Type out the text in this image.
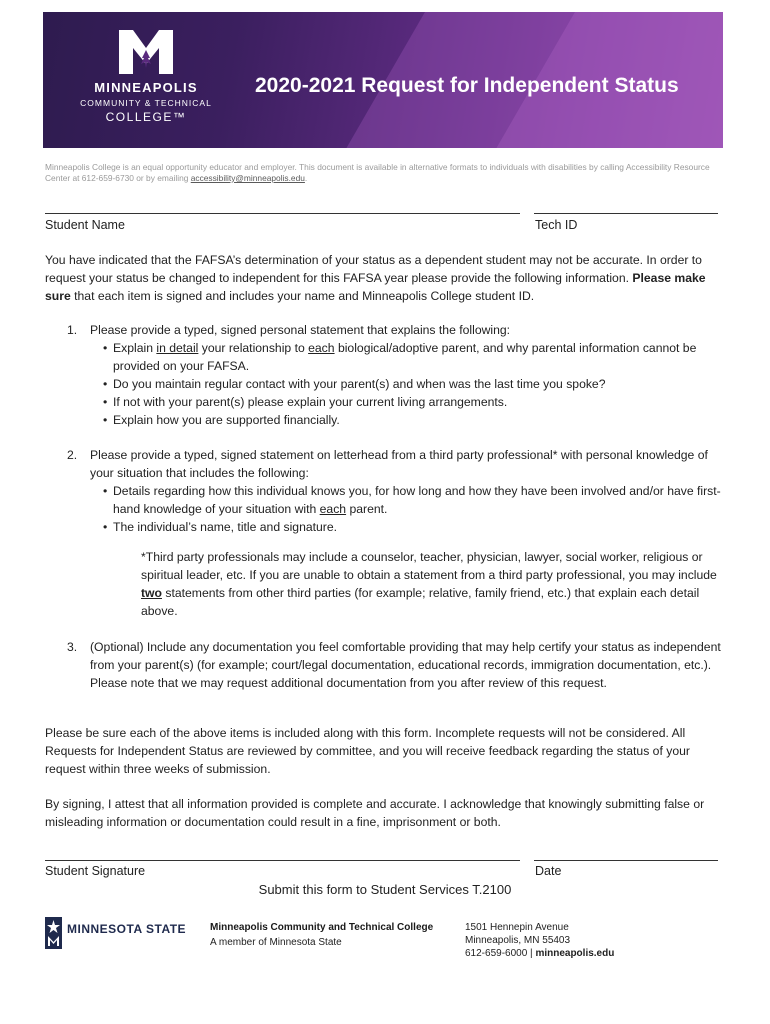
MINNEAPOLIS
COMMUNITY & TECHNICAL
COLLEGE™
2020-2021 Request for Independent Status
Minneapolis College is an equal opportunity educator and employer. This document is available in alternative formats to individuals with disabilities by calling Accessibility Resource Center at 612-659-6730 or by emailing accessibility@minneapolis.edu.
Student Name	Tech ID
You have indicated that the FAFSA’s determination of your status as a dependent student may not be accurate. In order to request your status be changed to independent for this FAFSA year please provide the following information. Please make sure that each item is signed and includes your name and Minneapolis College student ID.
1. Please provide a typed, signed personal statement that explains the following:
• Explain in detail your relationship to each biological/adoptive parent, and why parental information cannot be provided on your FAFSA.
• Do you maintain regular contact with your parent(s) and when was the last time you spoke?
• If not with your parent(s) please explain your current living arrangements.
• Explain how you are supported financially.
2. Please provide a typed, signed statement on letterhead from a third party professional* with personal knowledge of your situation that includes the following:
• Details regarding how this individual knows you, for how long and how they have been involved and/or have first-hand knowledge of your situation with each parent.
• The individual’s name, title and signature.
*Third party professionals may include a counselor, teacher, physician, lawyer, social worker, religious or spiritual leader, etc. If you are unable to obtain a statement from a third party professional, you may include two statements from other third parties (for example; relative, family friend, etc.) that explain each detail above.
3. (Optional) Include any documentation you feel comfortable providing that may help certify your status as independent from your parent(s) (for example; court/legal documentation, educational records, immigration documentation, etc.). Please note that we may request additional documentation from you after review of this request.
Please be sure each of the above items is included along with this form. Incomplete requests will not be considered. All Requests for Independent Status are reviewed by committee, and you will receive feedback regarding the status of your request within three weeks of submission.
By signing, I attest that all information provided is complete and accurate. I acknowledge that knowingly submitting false or misleading information or documentation could result in a fine, imprisonment or both.
Student Signature	Date
Submit this form to Student Services T.2100
MINNESOTA STATE Minneapolis Community and Technical College
A member of Minnesota State
1501 Hennepin Avenue
Minneapolis, MN 55403
612-659-6000 | minneapolis.edu
